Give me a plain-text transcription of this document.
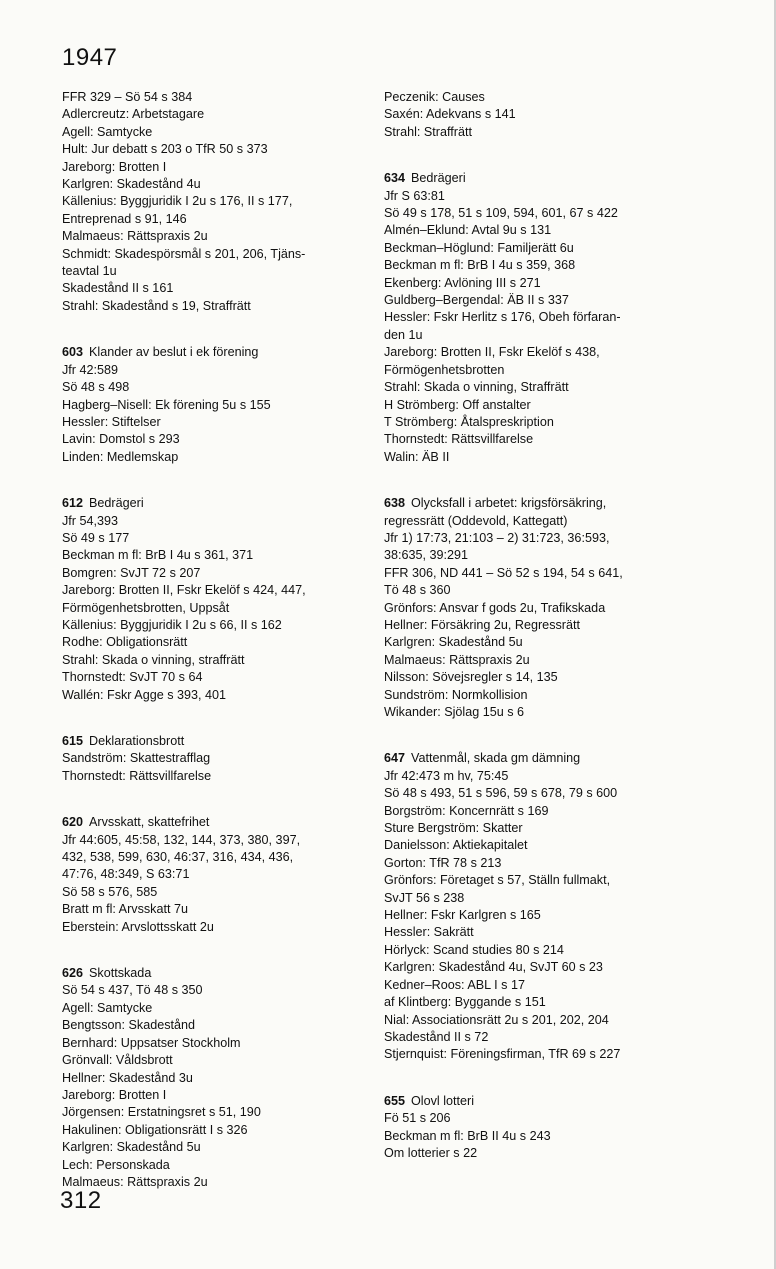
1947
FFR 329 – Sö 54 s 384
Adlercreutz: Arbetstagare
Agell: Samtycke
Hult: Jur debatt s 203 o TfR 50 s 373
Jareborg: Brotten I
Karlgren: Skadestånd 4u
Källenius: Byggjuridik I 2u s 176, II s 177,
Entreprenad s 91, 146
Malmaeus: Rättspraxis 2u
Schmidt: Skadespörsmål s 201, 206, Tjäns-
teavtal 1u
Skadestånd II s 161
Strahl: Skadestånd s 19, Straffrätt
603 Klander av beslut i ek förening
Jfr 42:589
Sö 48 s 498
Hagberg–Nisell: Ek förening 5u s 155
Hessler: Stiftelser
Lavin: Domstol s 293
Linden: Medlemskap
612 Bedrägeri
Jfr 54,393
Sö 49 s 177
Beckman m fl: BrB I 4u s 361, 371
Bomgren: SvJT 72 s 207
Jareborg: Brotten II, Fskr Ekelöf s 424, 447,
Förmögenhetsbrotten, Uppsåt
Källenius: Byggjuridik I 2u s 66, II s 162
Rodhe: Obligationsrätt
Strahl: Skada o vinning, straffrätt
Thornstedt: SvJT 70 s 64
Wallén: Fskr Agge s 393, 401
615 Deklarationsbrott
Sandström: Skattestrafflag
Thornstedt: Rättsvillfarelse
620 Arvsskatt, skattefrihet
Jfr 44:605, 45:58, 132, 144, 373, 380, 397,
432, 538, 599, 630, 46:37, 316, 434, 436,
47:76, 48:349, S 63:71
Sö 58 s 576, 585
Bratt m fl: Arvsskatt 7u
Eberstein: Arvslottsskatt 2u
626 Skottskada
Sö 54 s 437, Tö 48 s 350
Agell: Samtycke
Bengtsson: Skadestånd
Bernhard: Uppsatser Stockholm
Grönvall: Våldsbrott
Hellner: Skadestånd 3u
Jareborg: Brotten I
Jörgensen: Erstatningsret s 51, 190
Hakulinen: Obligationsrätt I s 326
Karlgren: Skadestånd 5u
Lech: Personskada
Malmaeus: Rättspraxis 2u
Peczenik: Causes
Saxén: Adekvans s 141
Strahl: Straffrätt
634 Bedrägeri
Jfr S 63:81
Sö 49 s 178, 51 s 109, 594, 601, 67 s 422
Almén–Eklund: Avtal 9u s 131
Beckman–Höglund: Familjerätt 6u
Beckman m fl: BrB I 4u s 359, 368
Ekenberg: Avlöning III s 271
Guldberg–Bergendal: ÄB II s 337
Hessler: Fskr Herlitz s 176, Obeh förfaran-
den 1u
Jareborg: Brotten II, Fskr Ekelöf s 438,
Förmögenhetsbrotten
Strahl: Skada o vinning, Straffrätt
H Strömberg: Off anstalter
T Strömberg: Åtalspreskription
Thornstedt: Rättsvillfarelse
Walin: ÄB II
638 Olycksfall i arbetet: krigsförsäkring,
regressrätt (Oddevold, Kattegatt)
Jfr 1) 17:73, 21:103 – 2) 31:723, 36:593,
38:635, 39:291
FFR 306, ND 441 – Sö 52 s 194, 54 s 641,
Tö 48 s 360
Grönfors: Ansvar f gods 2u, Trafikskada
Hellner: Försäkring 2u, Regressrätt
Karlgren: Skadestånd 5u
Malmaeus: Rättspraxis 2u
Nilsson: Sövejsregler s 14, 135
Sundström: Normkollision
Wikander: Sjölag 15u s 6
647 Vattenmål, skada gm dämning
Jfr 42:473 m hv, 75:45
Sö 48 s 493, 51 s 596, 59 s 678, 79 s 600
Borgström: Koncernrätt s 169
Sture Bergström: Skatter
Danielsson: Aktiekapitalet
Gorton: TfR 78 s 213
Grönfors: Företaget s 57, Ställn fullmakt,
SvJT 56 s 238
Hellner: Fskr Karlgren s 165
Hessler: Sakrätt
Hörlyck: Scand studies 80 s 214
Karlgren: Skadestånd 4u, SvJT 60 s 23
Kedner–Roos: ABL I s 17
af Klintberg: Byggande s 151
Nial: Associationsrätt 2u s 201, 202, 204
Skadestånd II s 72
Stjernquist: Föreningsfirman, TfR 69 s 227
655 Olovl lotteri
Fö 51 s 206
Beckman m fl: BrB II 4u s 243
Om lotterier s 22
312
